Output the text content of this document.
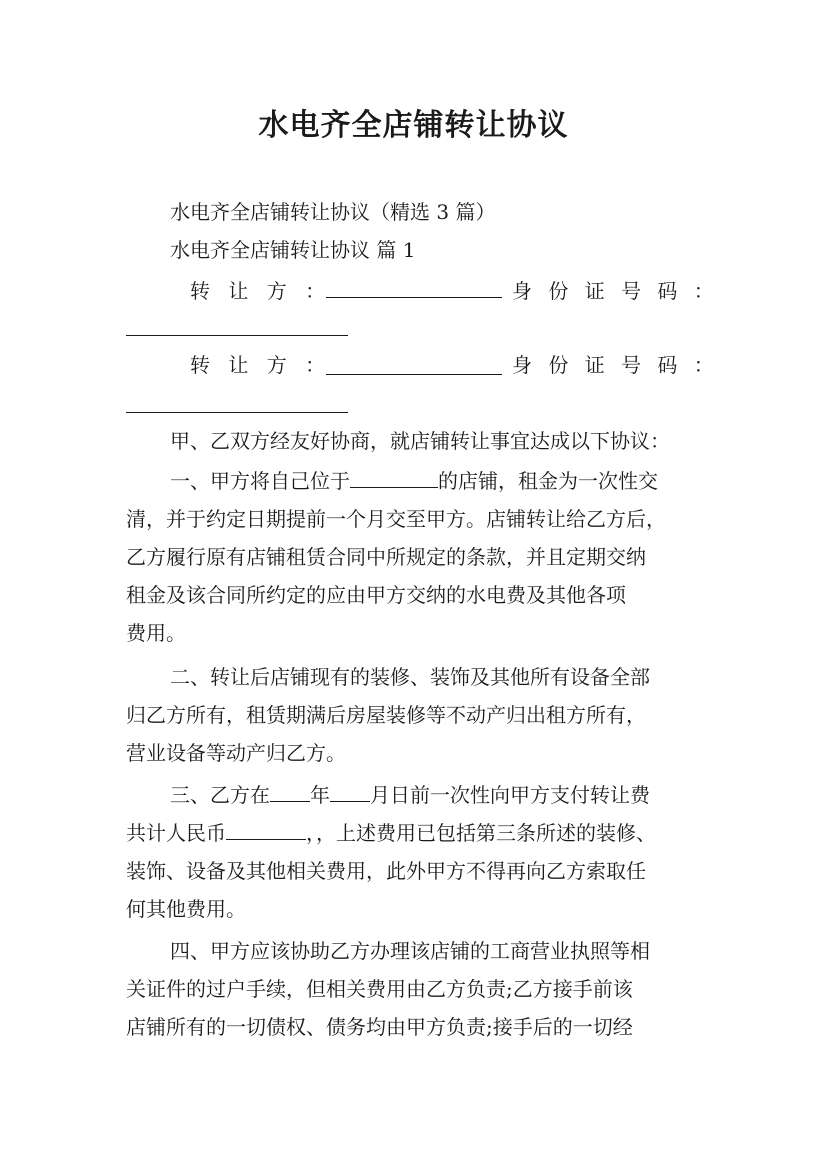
水电齐全店铺转让协议
水电齐全店铺转让协议（精选 3 篇）
水电齐全店铺转让协议 篇 1
转 让 方 ：	身 份 证 号 码 ：
转 让 方 ：	身 份 证 号 码 ：
甲、乙双方经友好协商，就店铺转让事宜达成以下协议：
一、甲方将自己位于	的店铺，租金为一次性交
清，并于约定日期提前一个月交至甲方。店铺转让给乙方后，
乙方履行原有店铺租赁合同中所规定的条款，并且定期交纳
租金及该合同所约定的应由甲方交纳的水电费及其他各项
费用。
二、转让后店铺现有的装修、装饰及其他所有设备全部
归乙方所有，租赁期满后房屋装修等不动产归出租方所有，
营业设备等动产归乙方。
三、乙方在 年 月日前一次性向甲方支付转让费
共计人民币	，，上述费用已包括第三条所述的装修、
装饰、设备及其他相关费用，此外甲方不得再向乙方索取任
何其他费用。
四、甲方应该协助乙方办理该店铺的工商营业执照等相
关证件的过户手续，但相关费用由乙方负责;乙方接手前该
店铺所有的一切债权、债务均由甲方负责;接手后的一切经
